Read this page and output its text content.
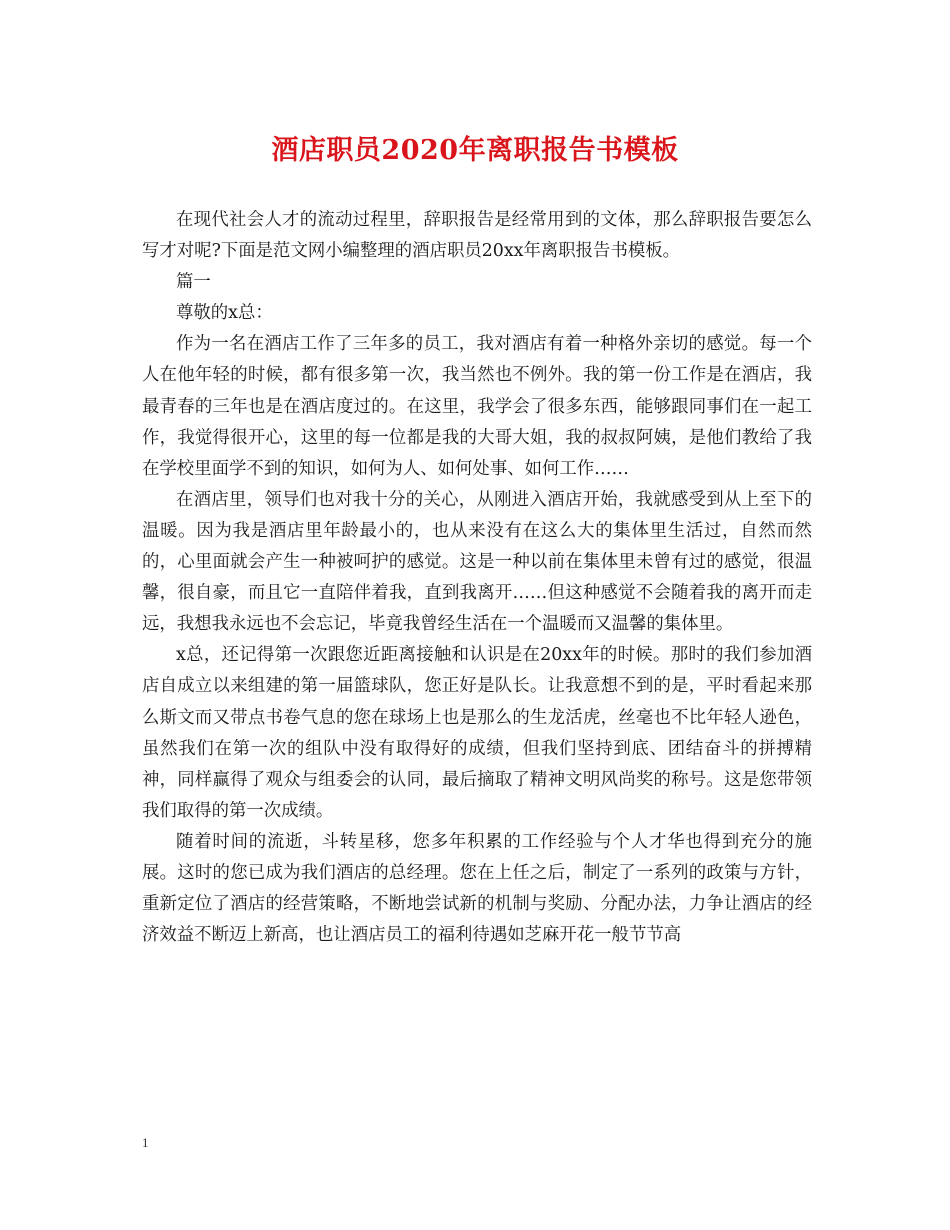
酒店职员2020年离职报告书模板

在现代社会人才的流动过程里，辞职报告是经常用到的文体，那么辞职报告要怎么写才对呢?下面是范文网小编整理的酒店职员20xx年离职报告书模板。

篇一

尊敬的x总：

作为一名在酒店工作了三年多的员工，我对酒店有着一种格外亲切的感觉。每一个人在他年轻的时候，都有很多第一次，我当然也不例外。我的第一份工作是在酒店，我最青春的三年也是在酒店度过的。在这里，我学会了很多东西，能够跟同事们在一起工作，我觉得很开心，这里的每一位都是我的大哥大姐，我的叔叔阿姨，是他们教给了我在学校里面学不到的知识，如何为人、如何处事、如何工作……

在酒店里，领导们也对我十分的关心，从刚进入酒店开始，我就感受到从上至下的温暖。因为我是酒店里年龄最小的，也从来没有在这么大的集体里生活过，自然而然的，心里面就会产生一种被呵护的感觉。这是一种以前在集体里未曾有过的感觉，很温馨，很自豪，而且它一直陪伴着我，直到我离开……但这种感觉不会随着我的离开而走远，我想我永远也不会忘记，毕竟我曾经生活在一个温暖而又温馨的集体里。

x总，还记得第一次跟您近距离接触和认识是在20xx年的时候。那时的我们参加酒店自成立以来组建的第一届篮球队，您正好是队长。让我意想不到的是，平时看起来那么斯文而又带点书卷气息的您在球场上也是那么的生龙活虎，丝毫也不比年轻人逊色，虽然我们在第一次的组队中没有取得好的成绩，但我们坚持到底、团结奋斗的拼搏精神，同样赢得了观众与组委会的认同，最后摘取了精神文明风尚奖的称号。这是您带领我们取得的第一次成绩。

随着时间的流逝，斗转星移，您多年积累的工作经验与个人才华也得到充分的施展。这时的您已成为我们酒店的总经理。您在上任之后，制定了一系列的政策与方针，重新定位了酒店的经营策略，不断地尝试新的机制与奖励、分配办法，力争让酒店的经济效益不断迈上新高，也让酒店员工的福利待遇如芝麻开花一般节节高

1
